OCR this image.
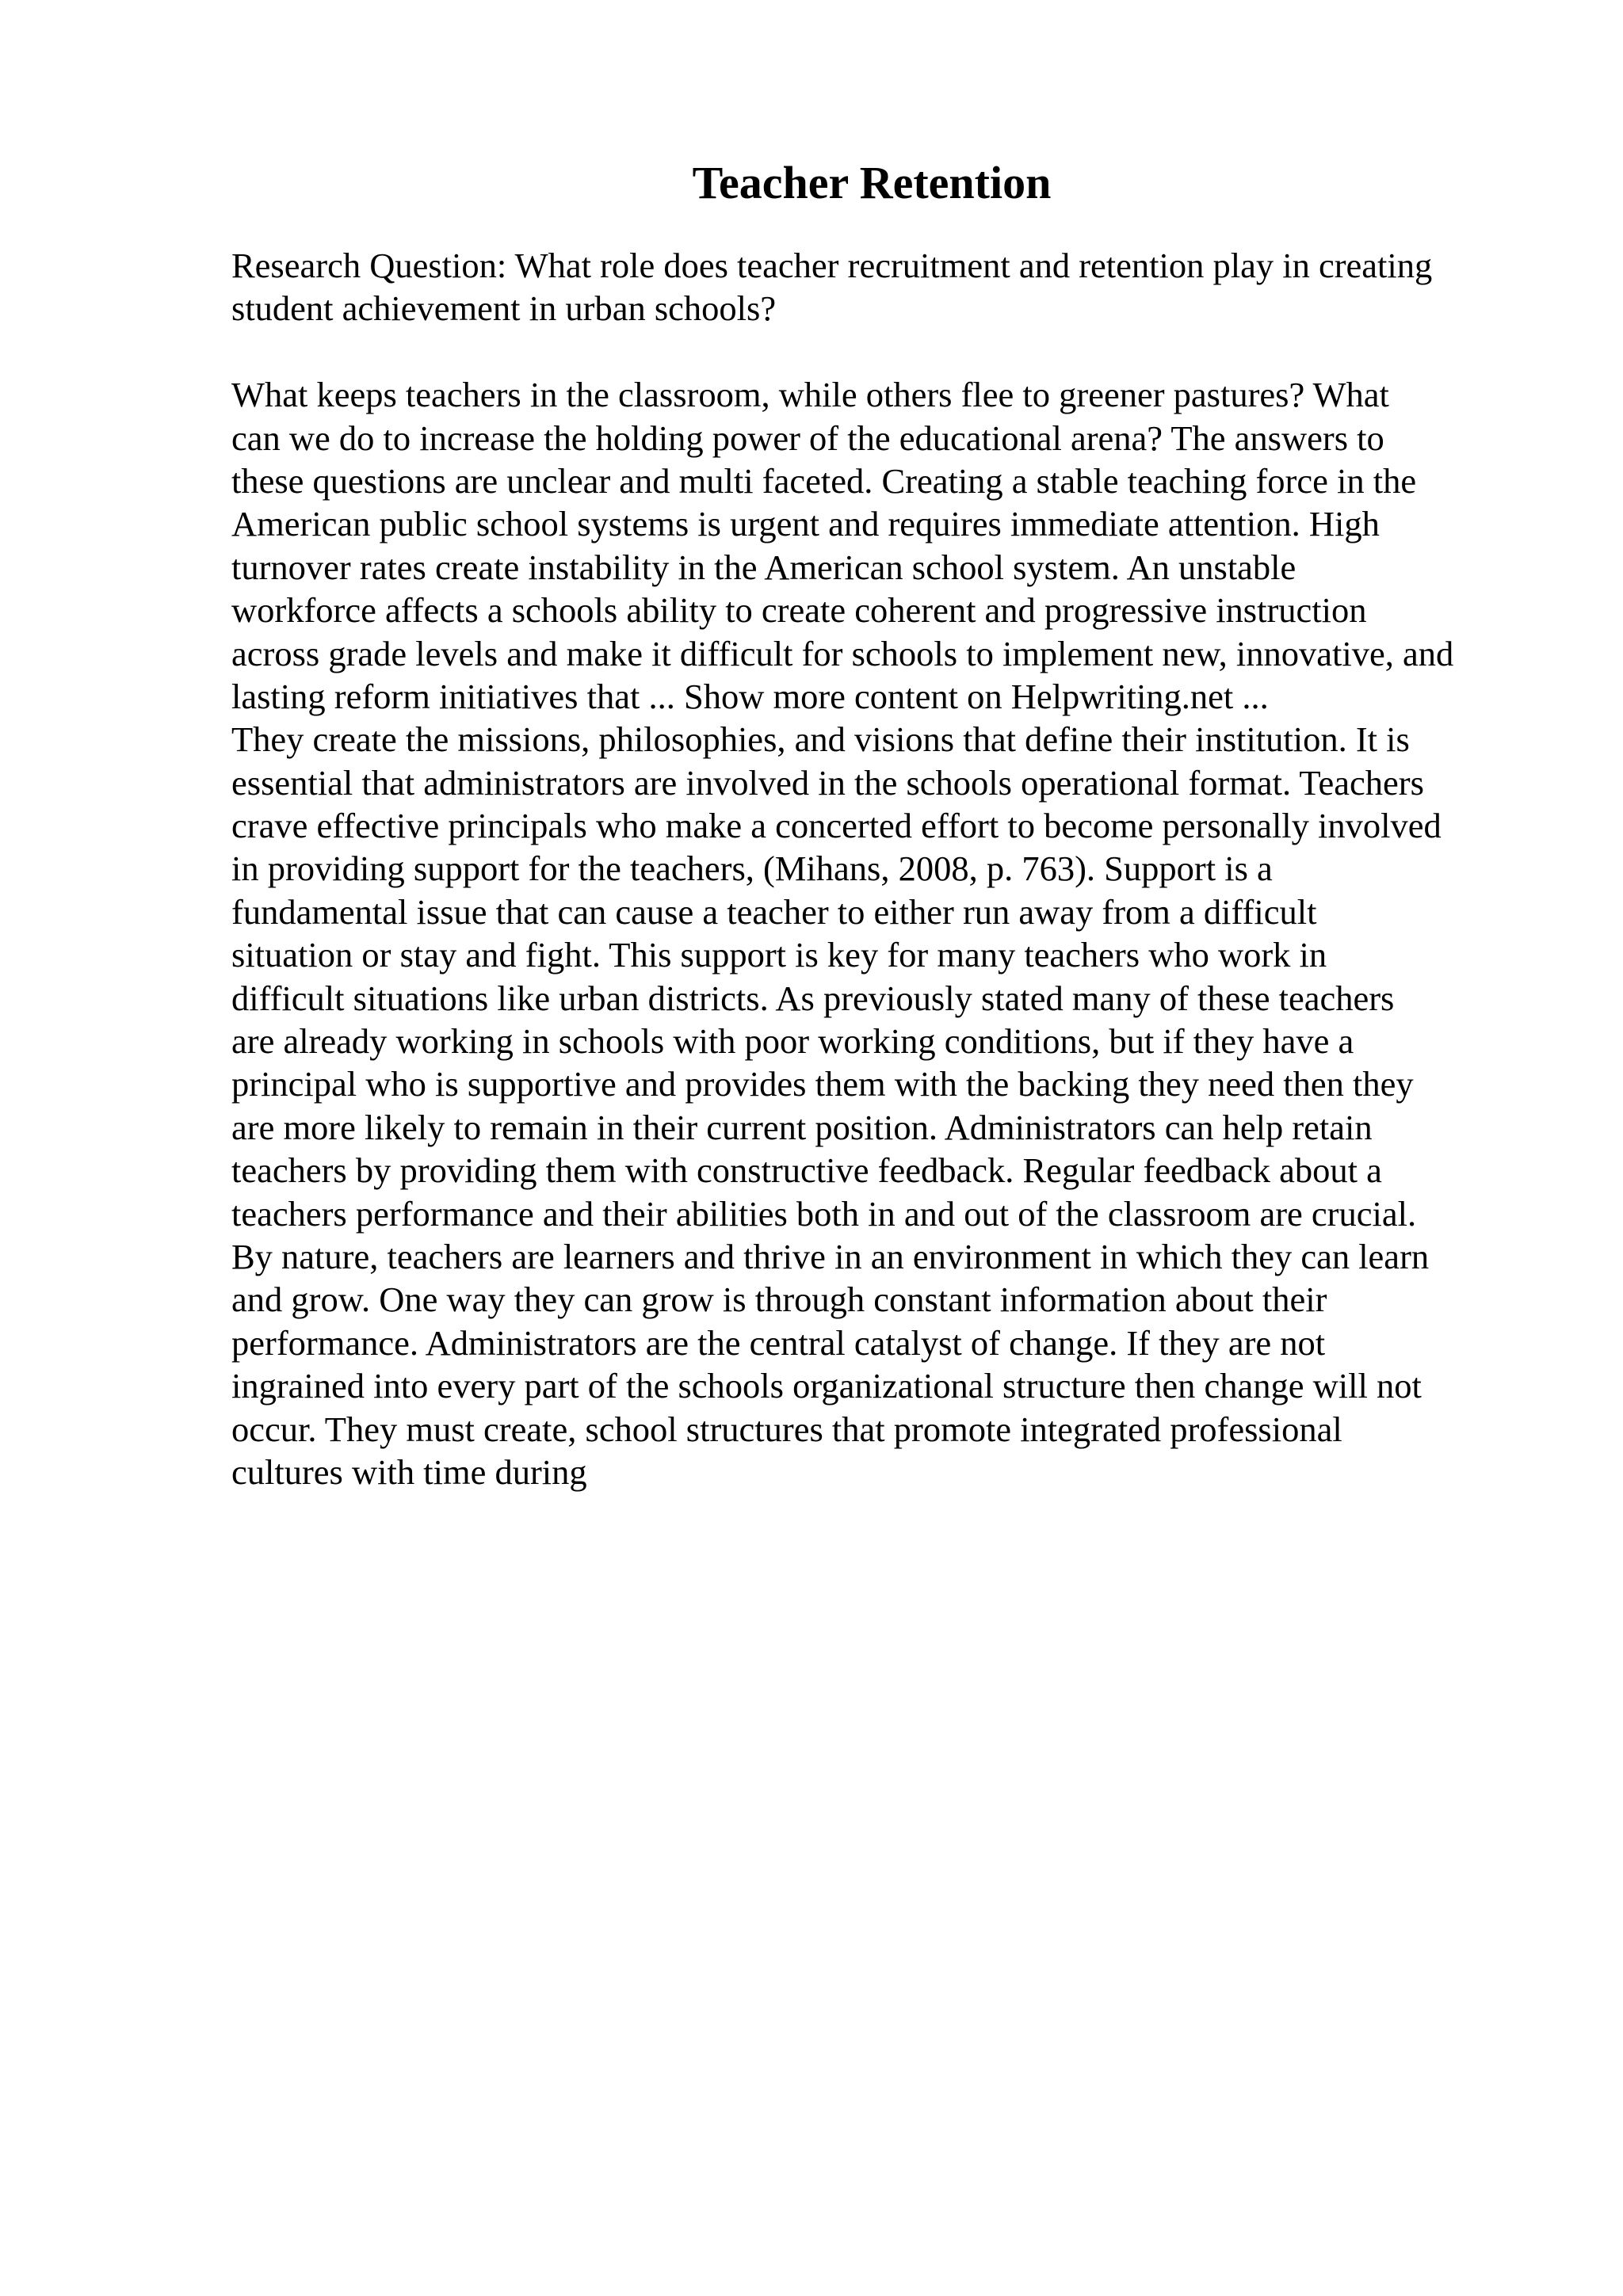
Teacher Retention
Research Question: What role does teacher recruitment and retention play in creating
student achievement in urban schools?
What keeps teachers in the classroom, while others flee to greener pastures? What
can we do to increase the holding power of the educational arena? The answers to
these questions are unclear and multi faceted. Creating a stable teaching force in the
American public school systems is urgent and requires immediate attention. High
turnover rates create instability in the American school system. An unstable
workforce affects a schools ability to create coherent and progressive instruction
across grade levels and make it difficult for schools to implement new, innovative, and
lasting reform initiatives that ... Show more content on Helpwriting.net ...
They create the missions, philosophies, and visions that define their institution. It is
essential that administrators are involved in the schools operational format. Teachers
crave effective principals who make a concerted effort to become personally involved
in providing support for the teachers, (Mihans, 2008, p. 763). Support is a
fundamental issue that can cause a teacher to either run away from a difficult
situation or stay and fight. This support is key for many teachers who work in
difficult situations like urban districts. As previously stated many of these teachers
are already working in schools with poor working conditions, but if they have a
principal who is supportive and provides them with the backing they need then they
are more likely to remain in their current position. Administrators can help retain
teachers by providing them with constructive feedback. Regular feedback about a
teachers performance and their abilities both in and out of the classroom are crucial.
By nature, teachers are learners and thrive in an environment in which they can learn
and grow. One way they can grow is through constant information about their
performance. Administrators are the central catalyst of change. If they are not
ingrained into every part of the schools organizational structure then change will not
occur. They must create, school structures that promote integrated professional
cultures with time during
